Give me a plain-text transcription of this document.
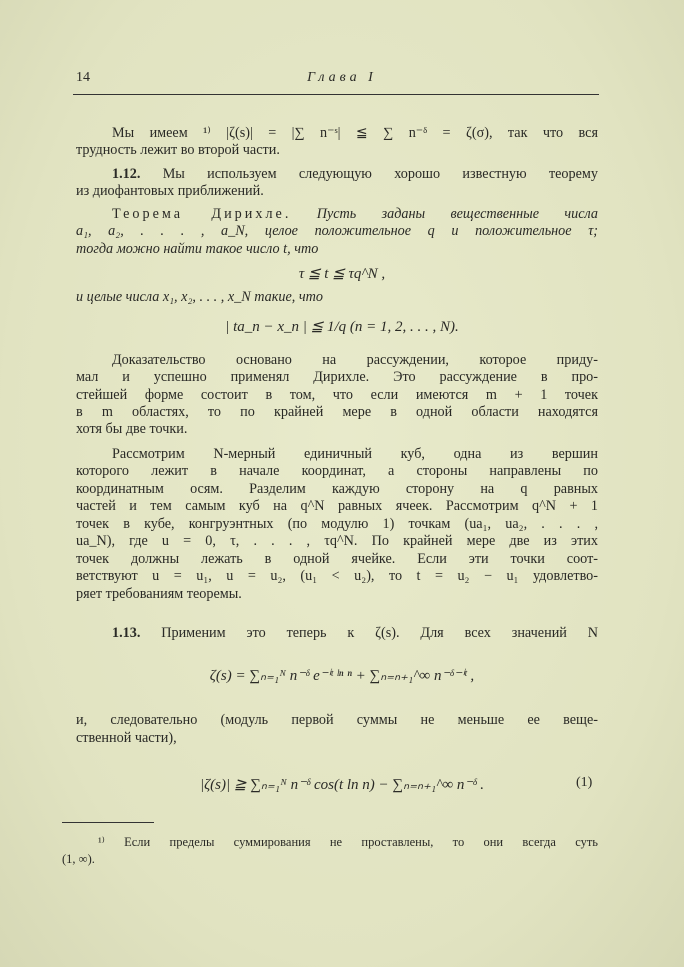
14	Глава I
Мы имеем ¹⁾ |ζ(s)| = |∑ n⁻ˢ| ≦ ∑ n⁻ᵟ = ζ(σ), так что вся
трудность лежит во второй части.
1.12. Мы используем следующую хорошо известную теорему
из диофантовых приближений.
Теорема Дирихле. Пусть заданы вещественные числа
a₁, a₂, . . . , a_N, целое положительное q и положительное τ;
тогда можно найти такое число t, что
τ ≦ t ≦ τq^N ,
и целые числа x₁, x₂, . . . , x_N такие, что
| ta_n − x_n | ≦ 1/q (n = 1, 2, . . . , N).
Доказательство основано на рассуждении, которое приду-
мал и успешно применял Дирихле. Это рассуждение в про-
стейшей форме состоит в том, что если имеются m + 1 точек
в m областях, то по крайней мере в одной области находятся
хотя бы две точки.
Рассмотрим N-мерный единичный куб, одна из вершин
которого лежит в начале координат, а стороны направлены по
координатным осям. Разделим каждую сторону на q равных
частей и тем самым куб на q^N равных ячеек. Рассмотрим q^N + 1
точек в кубе, конгруэнтных (по модулю 1) точкам (ua₁, ua₂, . . . ,
ua_N), где u = 0, τ, . . . , τq^N. По крайней мере две из этих
точек должны лежать в одной ячейке. Если эти точки соот-
ветствуют u = u₁, u = u₂, (u₁ < u₂), то t = u₂ − u₁ удовлетво-
ряет требованиям теоремы.
1.13. Применим это теперь к ζ(s). Для всех значений N
ζ(s) = ∑ₙ₌₁ᴺ n⁻ᵟ e⁻ⁱᵗ ˡⁿ ⁿ + ∑ₙ₌ₙ₊₁^∞ n⁻ᵟ⁻ⁱᵗ ,
и, следовательно (модуль первой суммы не меньше ее веще-
ственной части),
|ζ(s)| ≧ ∑ₙ₌₁ᴺ n⁻ᵟ cos(t ln n) − ∑ₙ₌ₙ₊₁^∞ n⁻ᵟ .	(1)
¹⁾ Если пределы суммирования не проставлены, то они всегда суть
(1, ∞).
